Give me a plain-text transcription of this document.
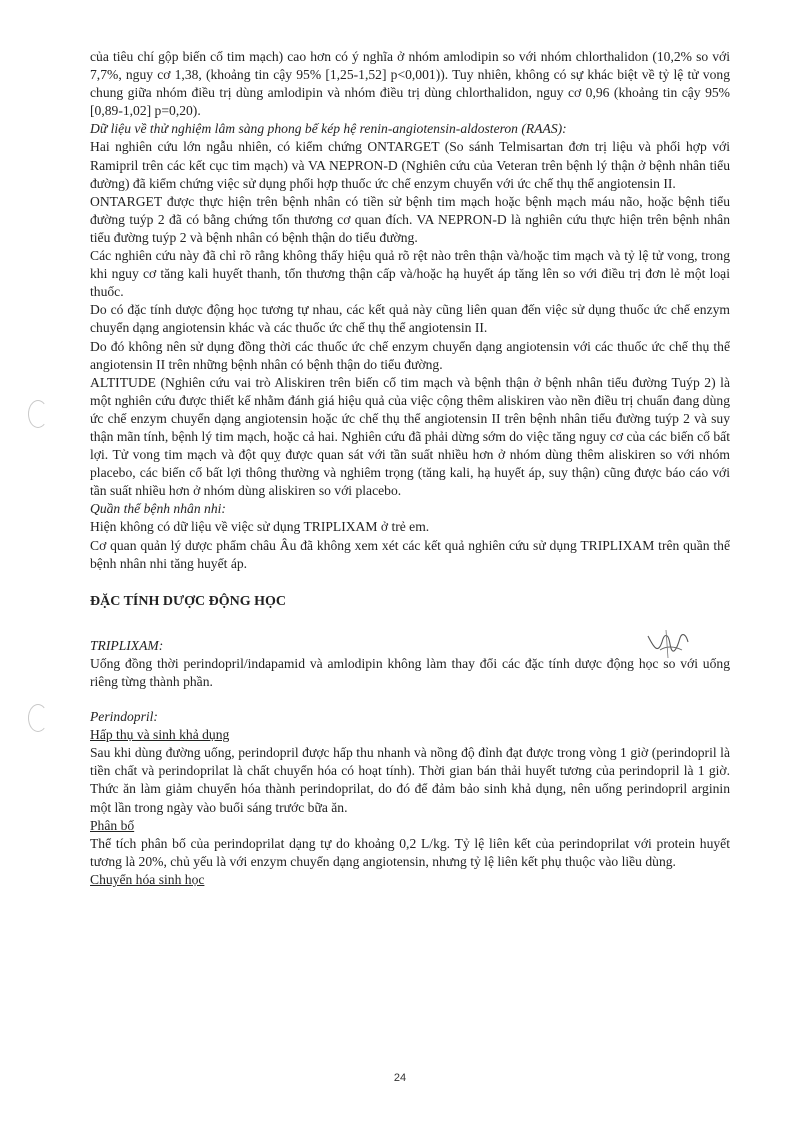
của tiêu chí gộp biến cố tim mạch) cao hơn có ý nghĩa ở nhóm amlodipin so với nhóm chlorthalidon (10,2% so với 7,7%, nguy cơ 1,38, (khoảng tin cậy 95% [1,25-1,52] p<0,001)). Tuy nhiên, không có sự khác biệt về tỷ lệ tử vong chung giữa nhóm điều trị dùng amlodipin và nhóm điều trị dùng chlorthalidon, nguy cơ 0,96 (khoảng tin cậy 95% [0,89-1,02] p=0,20).

Dữ liệu về thử nghiệm lâm sàng phong bế kép hệ renin-angiotensin-aldosteron (RAAS):

Hai nghiên cứu lớn ngẫu nhiên, có kiểm chứng ONTARGET (So sánh Telmisartan đơn trị liệu và phối hợp với Ramipril trên các kết cục tim mạch) và VA NEPRON-D (Nghiên cứu của Veteran trên bệnh lý thận ở bệnh nhân tiểu đường) đã kiểm chứng việc sử dụng phối hợp thuốc ức chế enzym chuyển với ức chế thụ thể angiotensin II.

ONTARGET được thực hiện trên bệnh nhân có tiền sử bệnh tim mạch hoặc bệnh mạch máu não, hoặc bệnh tiểu đường tuýp 2 đã có bằng chứng tổn thương cơ quan đích. VA NEPRON-D là nghiên cứu thực hiện trên bệnh nhân tiểu đường tuýp 2 và bệnh nhân có bệnh thận do tiểu đường.

Các nghiên cứu này đã chỉ rõ rằng không thấy hiệu quả rõ rệt nào trên thận và/hoặc tim mạch và tỷ lệ tử vong, trong khi nguy cơ tăng kali huyết thanh, tổn thương thận cấp và/hoặc hạ huyết áp tăng lên so với điều trị đơn lẻ một loại thuốc.

Do có đặc tính dược động học tương tự nhau, các kết quả này cũng liên quan đến việc sử dụng thuốc ức chế enzym chuyển dạng angiotensin khác và các thuốc ức chế thụ thể angiotensin II.

Do đó không nên sử dụng đồng thời các thuốc ức chế enzym chuyển dạng angiotensin với các thuốc ức chế thụ thể angiotensin II trên những bệnh nhân có bệnh thận do tiểu đường.

ALTITUDE (Nghiên cứu vai trò Aliskiren trên biến cố tim mạch và bệnh thận ở bệnh nhân tiểu đường Tuýp 2) là một nghiên cứu được thiết kế nhằm đánh giá hiệu quả của việc cộng thêm aliskiren vào nền điều trị chuẩn đang dùng ức chế enzym chuyển dạng angiotensin hoặc ức chế thụ thể angiotensin II trên bệnh nhân tiểu đường tuýp 2 và suy thận mãn tính, bệnh lý tim mạch, hoặc cả hai. Nghiên cứu đã phải dừng sớm do việc tăng nguy cơ của các biến cố bất lợi. Tử vong tim mạch và đột quỵ được quan sát với tần suất nhiều hơn ở nhóm dùng thêm aliskiren so với nhóm placebo, các biến cố bất lợi thông thường và nghiêm trọng (tăng kali, hạ huyết áp, suy thận) cũng được báo cáo với tần suất nhiều hơn ở nhóm dùng aliskiren so với placebo.

Quần thể bệnh nhân nhi:

Hiện không có dữ liệu về việc sử dụng TRIPLIXAM ở trẻ em.

Cơ quan quản lý dược phẩm châu Âu đã không xem xét các kết quả nghiên cứu sử dụng TRIPLIXAM trên quần thể bệnh nhân nhi tăng huyết áp.

ĐẶC TÍNH DƯỢC ĐỘNG HỌC

TRIPLIXAM:

Uống đồng thời perindopril/indapamid và amlodipin không làm thay đổi các đặc tính dược động học so với uống riêng từng thành phần.

Perindopril:

Hấp thụ và sinh khả dụng

Sau khi dùng đường uống, perindopril được hấp thu nhanh và nồng độ đỉnh đạt được trong vòng 1 giờ (perindopril là tiền chất và perindoprilat là chất chuyển hóa có hoạt tính). Thời gian bán thải huyết tương của perindopril là 1 giờ. Thức ăn làm giảm chuyển hóa thành perindoprilat, do đó để đảm bảo sinh khả dụng, nên uống perindopril arginin một lần trong ngày vào buổi sáng trước bữa ăn.

Phân bố

Thể tích phân bố của perindoprilat dạng tự do khoảng 0,2 L/kg. Tỷ lệ liên kết của perindoprilat với protein huyết tương là 20%, chủ yếu là với enzym chuyển dạng angiotensin, nhưng tỷ lệ liên kết phụ thuộc vào liều dùng.

Chuyển hóa sinh học

24
